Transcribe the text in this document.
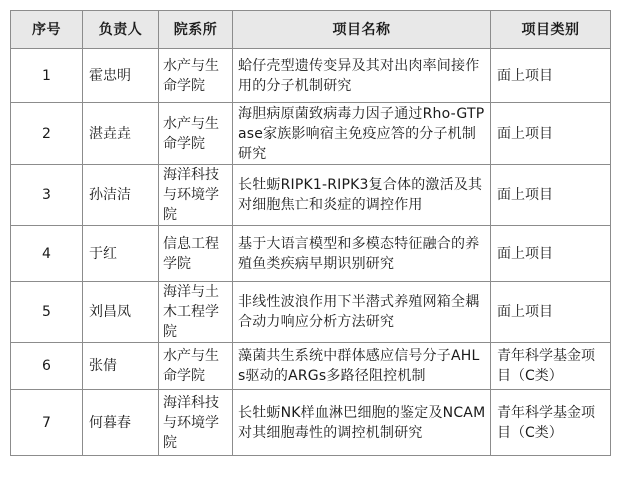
序号	负责人	院系所	项目名称	项目类别
1	霍忠明	水产与生命学院	蛤仔壳型遗传变异及其对出肉率间接作用的分子机制研究	面上项目
2	湛垚垚	水产与生命学院	海胆病原菌致病毒力因子通过Rho-GTPase家族影响宿主免疫应答的分子机制研究	面上项目
3	孙洁洁	海洋科技与环境学院	长牡蛎RIPK1-RIPK3复合体的激活及其对细胞焦亡和炎症的调控作用	面上项目
4	于红	信息工程学院	基于大语言模型和多模态特征融合的养殖鱼类疾病早期识别研究	面上项目
5	刘昌凤	海洋与土木工程学院	非线性波浪作用下半潜式养殖网箱全耦合动力响应分析方法研究	面上项目
6	张倩	水产与生命学院	藻菌共生系统中群体感应信号分子AHLs驱动的ARGs多路径阻控机制	青年科学基金项目（C类）
7	何暮春	海洋科技与环境学院	长牡蛎NK样血淋巴细胞的鉴定及NCAM对其细胞毒性的调控机制研究	青年科学基金项目（C类）
